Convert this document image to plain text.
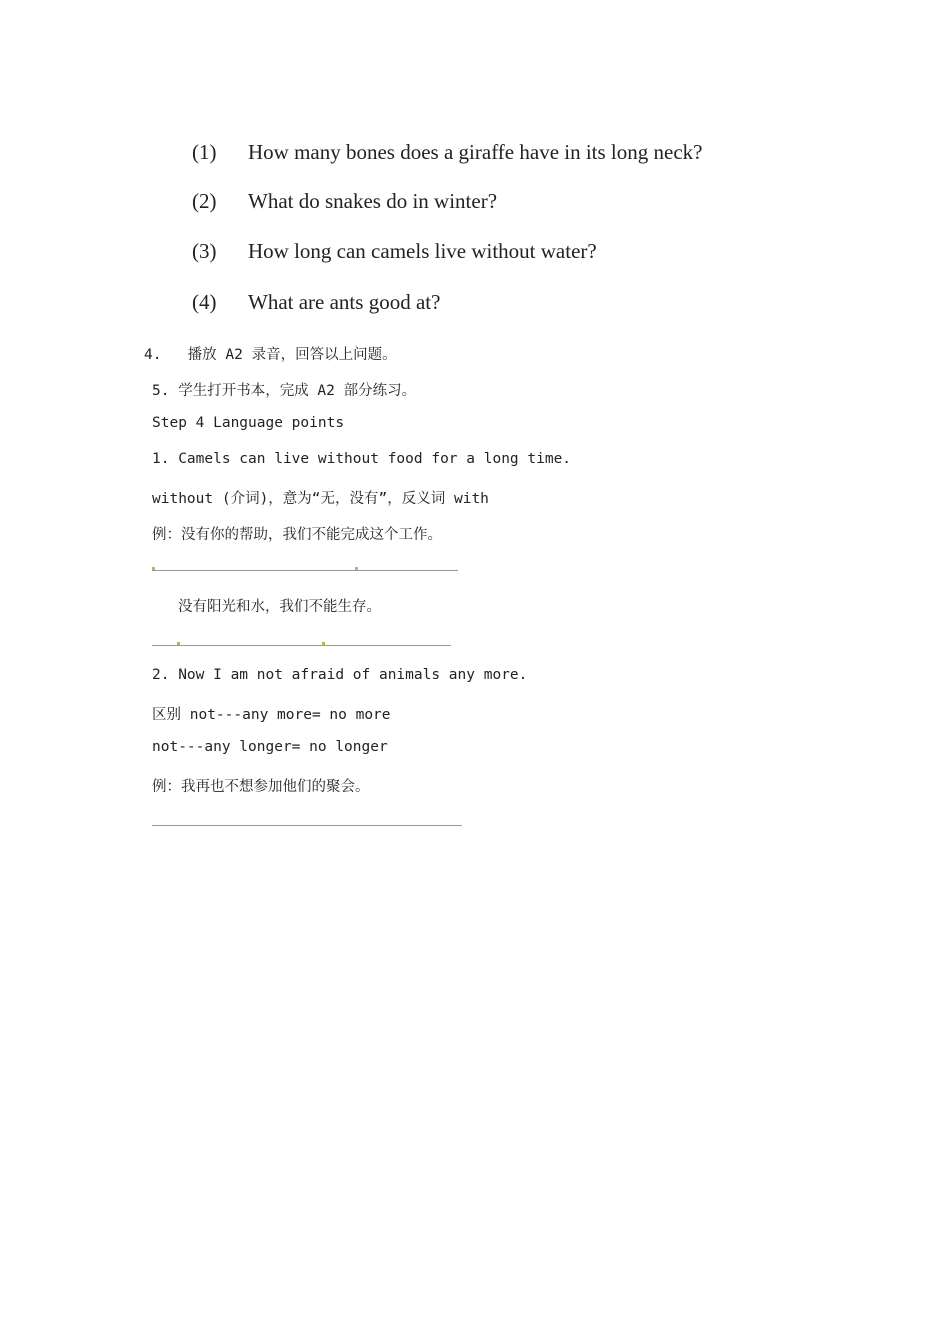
(1) How many bones does a giraffe have in its long neck?
(2) What do snakes do in winter?
(3) How long can camels live without water?
(4) What are ants good at?
4.   播放 A2 录音，回答以上问题。
5. 学生打开书本，完成 A2 部分练习。
Step 4 Language points
1. Camels can live without food for a long time.
without (介词)，意为“无，没有”，反义词 with
例：没有你的帮助，我们不能完成这个工作。
没有阳光和水，我们不能生存。
2. Now I am not afraid of animals any more.
区别 not---any more= no more
not---any longer= no longer
例：我再也不想参加他们的聚会。
